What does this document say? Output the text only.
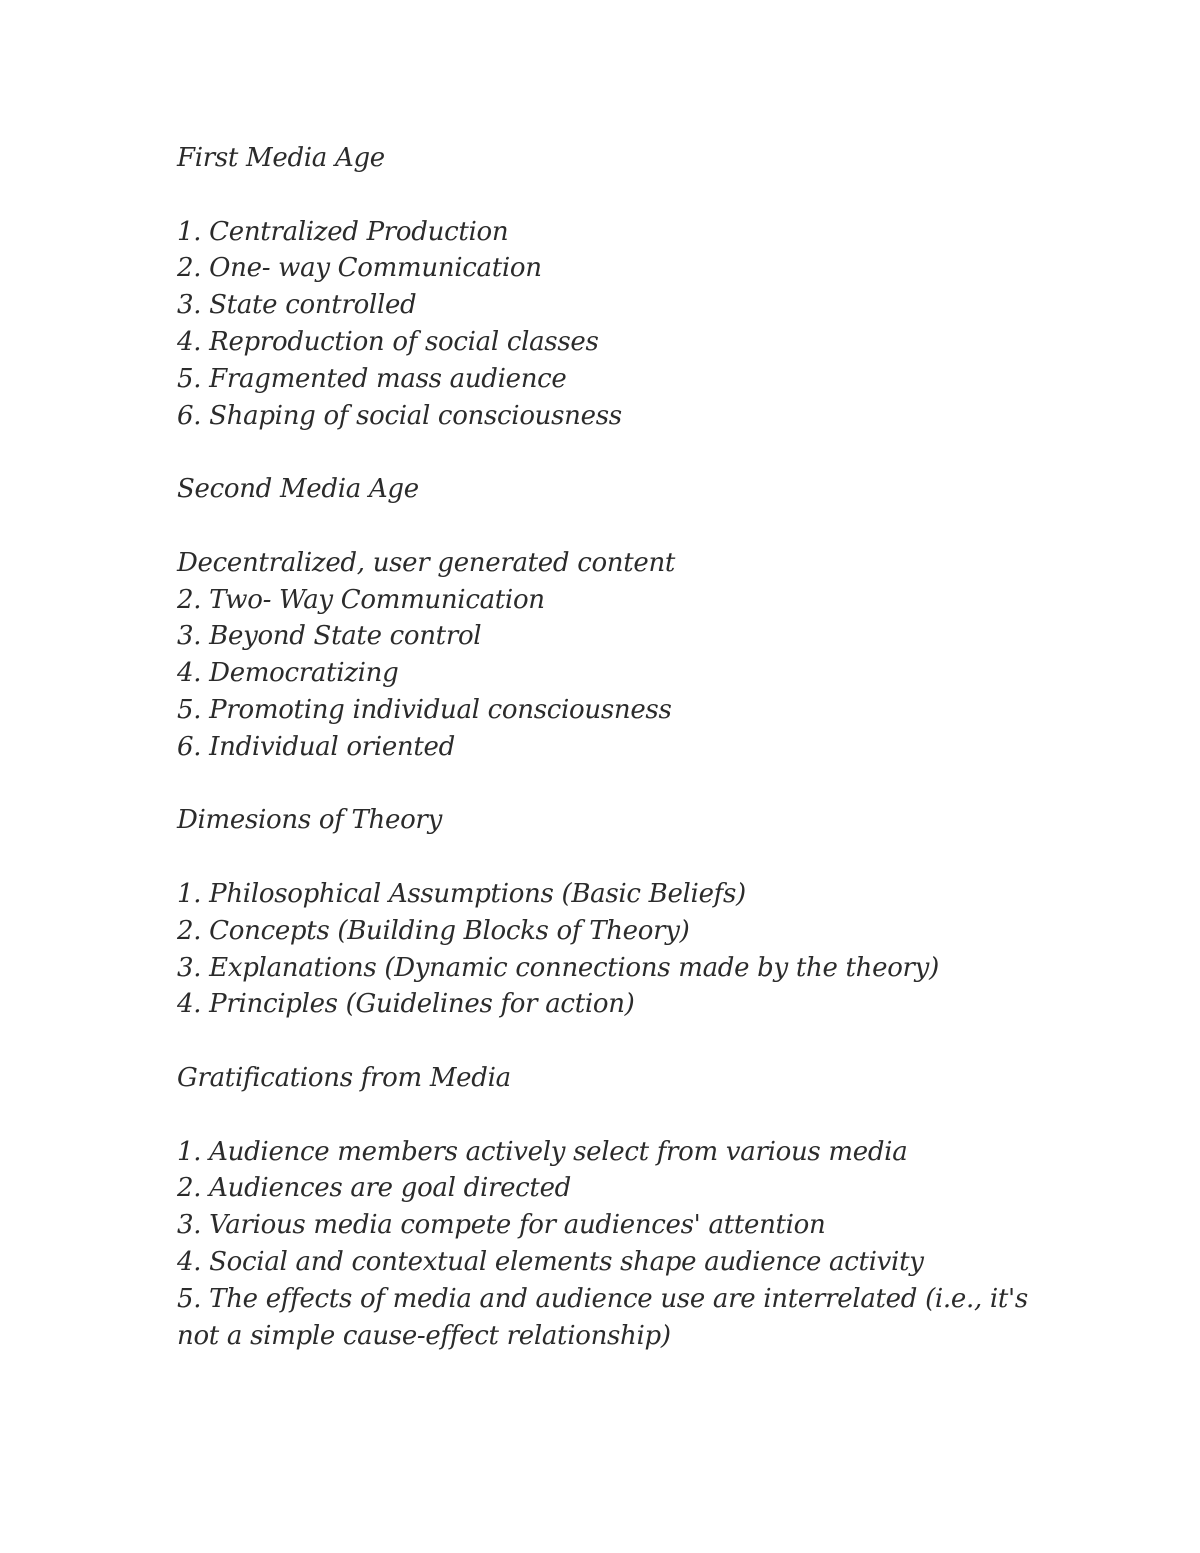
First Media Age

1. Centralized Production

2. One- way Communication

3. State controlled

4. Reproduction of social classes

5. Fragmented mass audience

6. Shaping of social consciousness

Second Media Age

Decentralized, user generated content

2. Two- Way Communication

3. Beyond State control

4. Democratizing

5. Promoting individual consciousness

6. Individual oriented

Dimesions of Theory

1. Philosophical Assumptions (Basic Beliefs)

2. Concepts (Building Blocks of Theory)

3. Explanations (Dynamic connections made by the theory)

4. Principles (Guidelines for action)

Gratifications from Media

1. Audience members actively select from various media

2. Audiences are goal directed

3. Various media compete for audiences' attention

4. Social and contextual elements shape audience activity

5. The effects of media and audience use are interrelated (i.e., it's not a simple cause-effect relationship)
